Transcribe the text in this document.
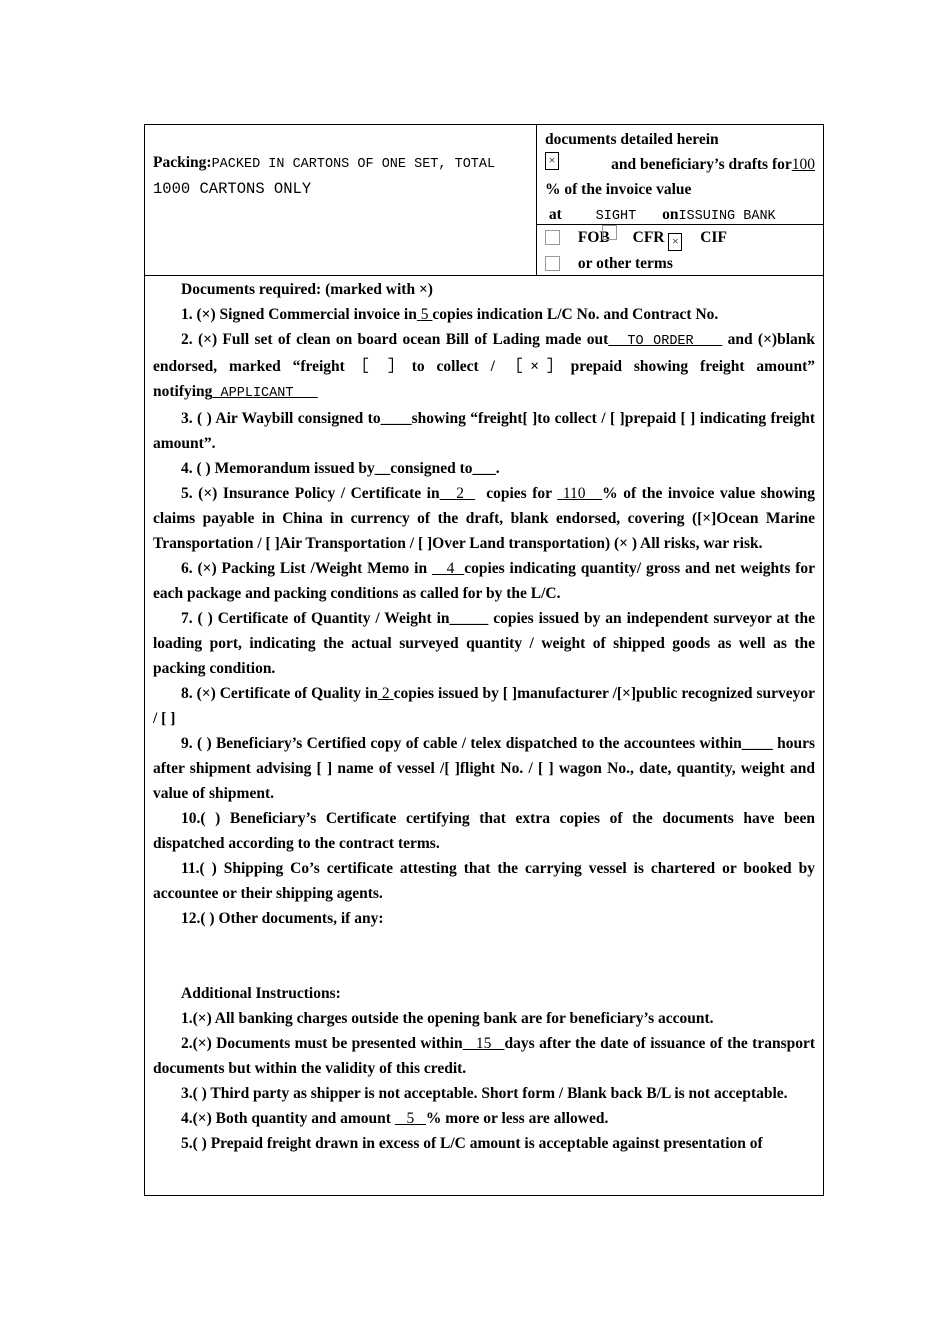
Packing:PACKED IN CARTONS OF ONE SET, TOTAL
1000 CARTONS ONLY
documents detailed herein
×	and beneficiary’s drafts for100
% of the invoice value
at	SIGHT onISSUING BANK
FOB CFR × CIF
or other terms

Documents required: (marked with ×)

1. (×) Signed Commercial invoice in 5 copies indication L/C No. and Contract No.

2. (×) Full set of clean on board ocean Bill of Lading made out TO ORDER and (×)blank endorsed, marked “freight［ ］to collect / ［×］prepaid showing freight amount” notifying APPLICANT

3. ( ) Air Waybill consigned to____showing “freight[ ]to collect / [ ]prepaid [ ] indicating freight amount”.

4. ( ) Memorandum issued by__consigned to___.

5. (×) Insurance Policy / Certificate in 2 copies for 110 % of the invoice value showing claims payable in China in currency of the draft, blank endorsed, covering ([×]Ocean Marine Transportation / [ ]Air Transportation / [ ]Over Land transportation) (× ) All risks, war risk.

6. (×) Packing List /Weight Memo in 4 copies indicating quantity/ gross and net weights for each package and packing conditions as called for by the L/C.

7. ( ) Certificate of Quantity / Weight in_____ copies issued by an independent surveyor at the loading port, indicating the actual surveyed quantity / weight of shipped goods as well as the packing condition.

8. (×) Certificate of Quality in 2 copies issued by [ ]manufacturer /[×]public recognized surveyor / [ ]

9. ( ) Beneficiary’s Certified copy of cable / telex dispatched to the accountees within____ hours after shipment advising [ ] name of vessel /[ ]flight No. / [ ] wagon No., date, quantity, weight and value of shipment.

10.( ) Beneficiary’s Certificate certifying that extra copies of the documents have been dispatched according to the contract terms.

11.( ) Shipping Co’s certificate attesting that the carrying vessel is chartered or booked by accountee or their shipping agents.

12.( ) Other documents, if any:

Additional Instructions:

1.(×) All banking charges outside the opening bank are for beneficiary’s account.

2.(×) Documents must be presented within 15 days after the date of issuance of the transport documents but within the validity of this credit.

3.( ) Third party as shipper is not acceptable. Short form / Blank back B/L is not acceptable.

4.(×) Both quantity and amount 5 % more or less are allowed.

5.( ) Prepaid freight drawn in excess of L/C amount is acceptable against presentation of
